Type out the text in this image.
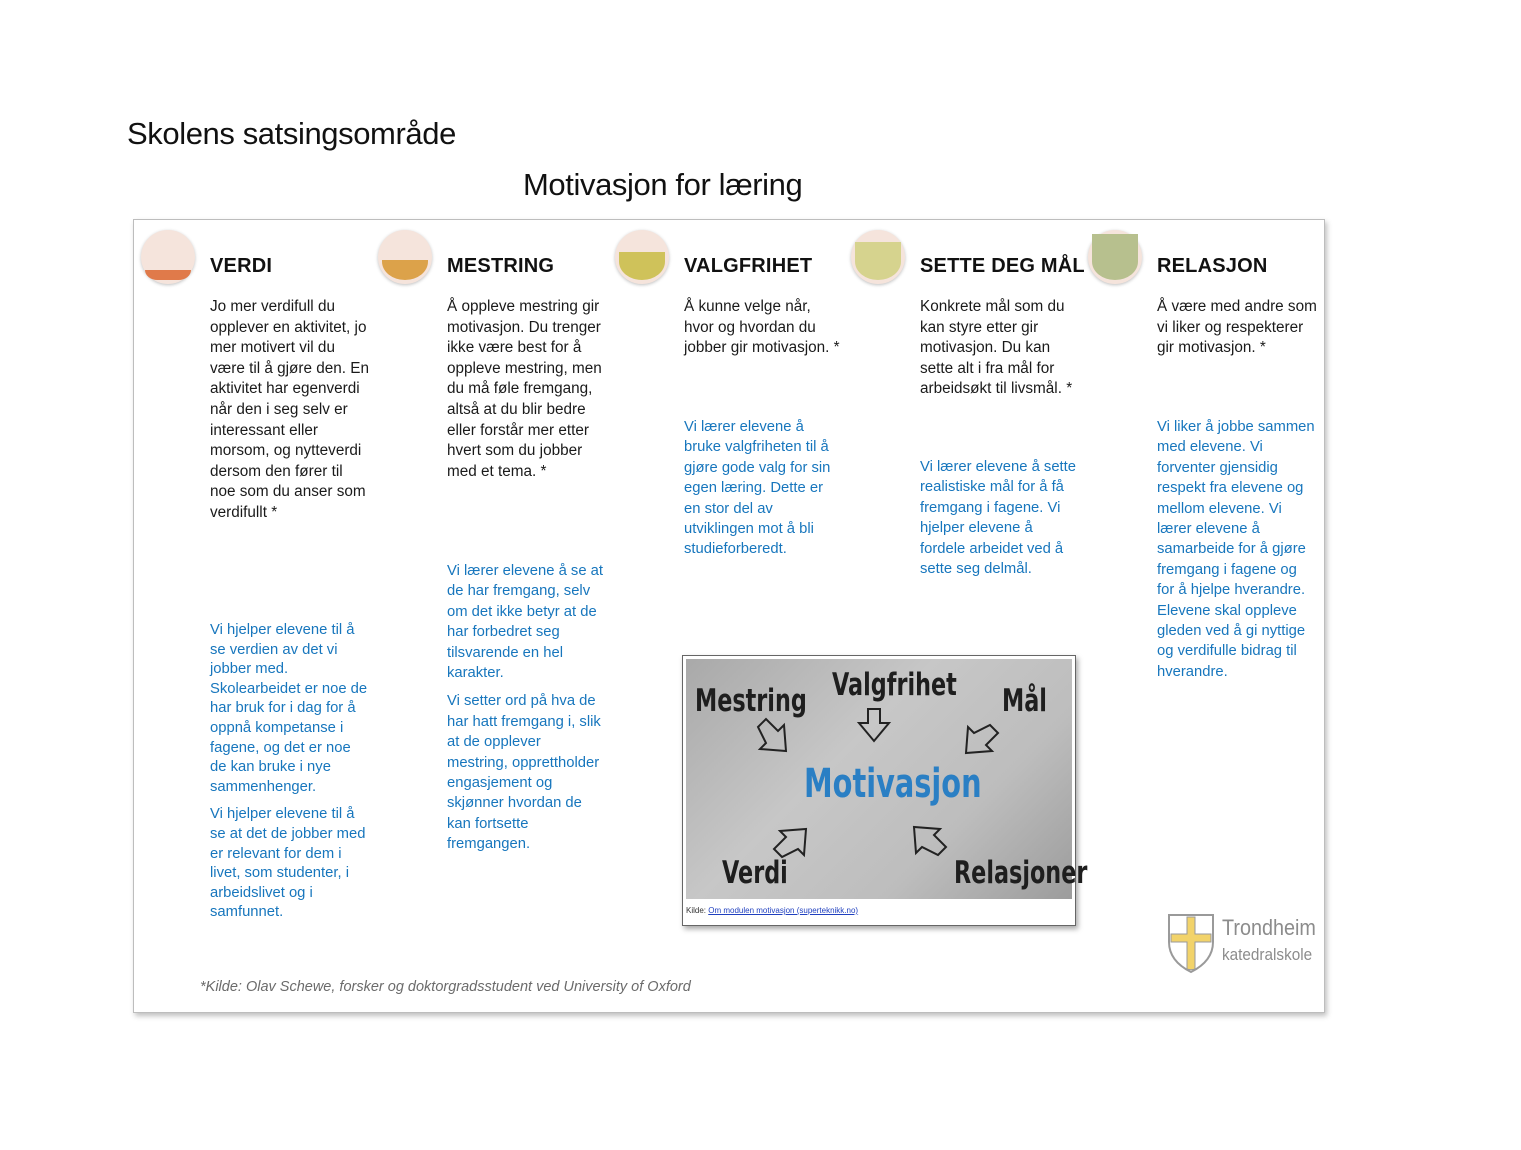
Skolens satsingsområde
Motivasjon for læring
VERDI
Jo mer verdifull du opplever en aktivitet, jo mer motivert vil du være til å gjøre den. En aktivitet har egenverdi når den i seg selv er interessant eller morsom, og nytteverdi dersom den fører til noe som du anser som verdifullt *

Vi hjelper elevene til å se verdien av det vi jobber med. Skolearbeidet er noe de har bruk for i dag for å oppnå kompetanse i fagene, og det er noe de kan bruke i nye sammenhenger.

Vi hjelper elevene til å se at det de jobber med er relevant for dem i livet, som studenter, i arbeidslivet og i samfunnet.

MESTRING
Å oppleve mestring gir motivasjon. Du trenger ikke være best for å oppleve mestring, men du må føle fremgang, altså at du blir bedre eller forstår mer etter hvert som du jobber med et tema. *

Vi lærer elevene å se at de har fremgang, selv om det ikke betyr at de har forbedret seg tilsvarende en hel karakter.

Vi setter ord på hva de har hatt fremgang i, slik at de opplever mestring, opprettholder engasjement og skjønner hvordan de kan fortsette fremgangen.

VALGFRIHET
Å kunne velge når, hvor og hvordan du jobber gir motivasjon. *

Vi lærer elevene å bruke valgfriheten til å gjøre gode valg for sin egen læring. Dette er en stor del av utviklingen mot å bli studieforberedt.

SETTE DEG MÅL
Konkrete mål som du kan styre etter gir motivasjon. Du kan sette alt i fra mål for arbeidsøkt til livsmål. *

Vi lærer elevene å sette realistiske mål for å få fremgang i fagene. Vi hjelper elevene å fordele arbeidet ved å sette seg delmål.

RELASJON
Å være med andre som vi liker og respekterer gir motivasjon. *

Vi liker å jobbe sammen med elevene. Vi forventer gjensidig respekt fra elevene og mellom elevene. Vi lærer elevene å samarbeide for å gjøre fremgang i fagene og for å hjelpe hverandre. Elevene skal oppleve gleden ved å gi nyttige og verdifulle bidrag til hverandre.

Valgfrihet
Mestring	Mål
Motivasjon
Verdi	Relasjoner
Kilde: Om modulen motivasjon (superteknikk.no)
Trondheim
katedralskole
*Kilde: Olav Schewe, forsker og doktorgradsstudent ved University of Oxford
